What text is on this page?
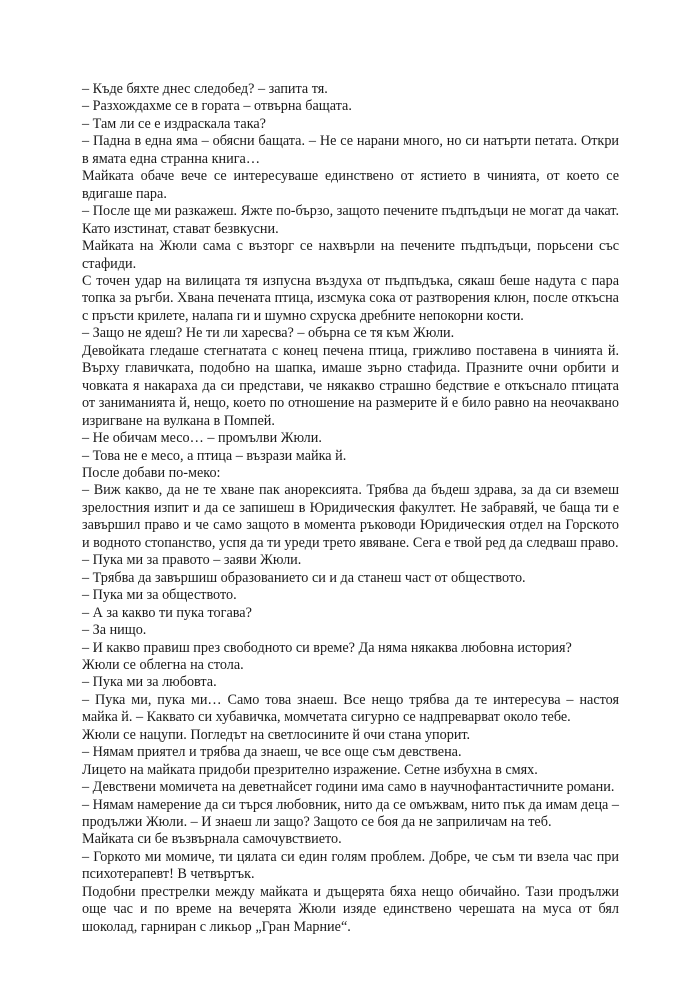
– Къде бяхте днес следобед? – запита тя.

– Разхождахме се в гората – отвърна бащата.

– Там ли се е издраскала така?

– Падна в една яма – обясни бащата. – Не се нарани много, но си натърти петата. Откри в ямата една странна книга…

Майката обаче вече се интересуваше единствено от ястието в чинията, от което се вдигаше пара.

– После ще ми разкажеш. Яжте по-бързо, защото печените пъдпъдъци не могат да чакат. Като изстинат, стават безвкусни.

Майката на Жюли сама с възторг се нахвърли на печените пъдпъдъци, порьсени със стафиди.

С точен удар на вилицата тя изпусна въздуха от пъдпъдъка, сякаш беше надута с пара топка за ръгби. Хвана печената птица, изсмука сока от разтворения клюн, после откъсна с пръсти крилете, налапа ги и шумно схруска дребните непокорни кости.

– Защо не ядеш? Не ти ли харесва? – обърна се тя към Жюли.

Девойката гледаше стегнатата с конец печена птица, грижливо поставена в чинията й. Върху главичката, подобно на шапка, имаше зърно стафида. Празните очни орбити и човката я накараха да си представи, че някакво страшно бедствие е откъснало птицата от заниманията й, нещо, което по отношение на размерите й е било равно на неочаквано изригване на вулкана в Помпей.

– Не обичам месо… – промълви Жюли.

– Това не е месо, а птица – възрази майка й.

После добави по-меко:

– Виж какво, да не те хване пак анорексията. Трябва да бъдеш здрава, за да си вземеш зрелостния изпит и да се запишеш в Юридическия факултет. Не забравяй, че баща ти е завършил право и че само защото в момента ръководи Юридическия отдел на Горското и водното стопанство, успя да ти уреди трето явяване. Сега е твой ред да следваш право.

– Пука ми за правото – заяви Жюли.

– Трябва да завършиш образованието си и да станеш част от обществото.

– Пука ми за обществото.

– А за какво ти пука тогава?

– За нищо.

– И какво правиш през свободното си време? Да няма някаква любовна история?

Жюли се облегна на стола.

– Пука ми за любовта.

– Пука ми, пука ми… Само това знаеш. Все нещо трябва да те интересува – настоя майка й. – Каквато си хубавичка, момчетата сигурно се надпреварват около тебе.

Жюли се нацупи. Погледът на светлосините й очи стана упорит.

– Нямам приятел и трябва да знаеш, че все още съм девствена.

Лицето на майката придоби презрително изражение. Сетне избухна в смях.

– Девствени момичета на деветнайсет години има само в научнофантастичните романи.

– Нямам намерение да си търся любовник, нито да се омъжвам, нито пък да имам деца – продължи Жюли. – И знаеш ли защо? Защото се боя да не заприличам на теб.

Майката си бе възвърнала самочувствието.

– Горкото ми момиче, ти цялата си един голям проблем. Добре, че съм ти взела час при психотерапевт! В четвъртък.

Подобни престрелки между майката и дъщерята бяха нещо обичайно. Тази продължи още час и по време на вечерята Жюли изяде единствено черешата на муса от бял шоколад, гарниран с ликьор „Гран Марние“.
